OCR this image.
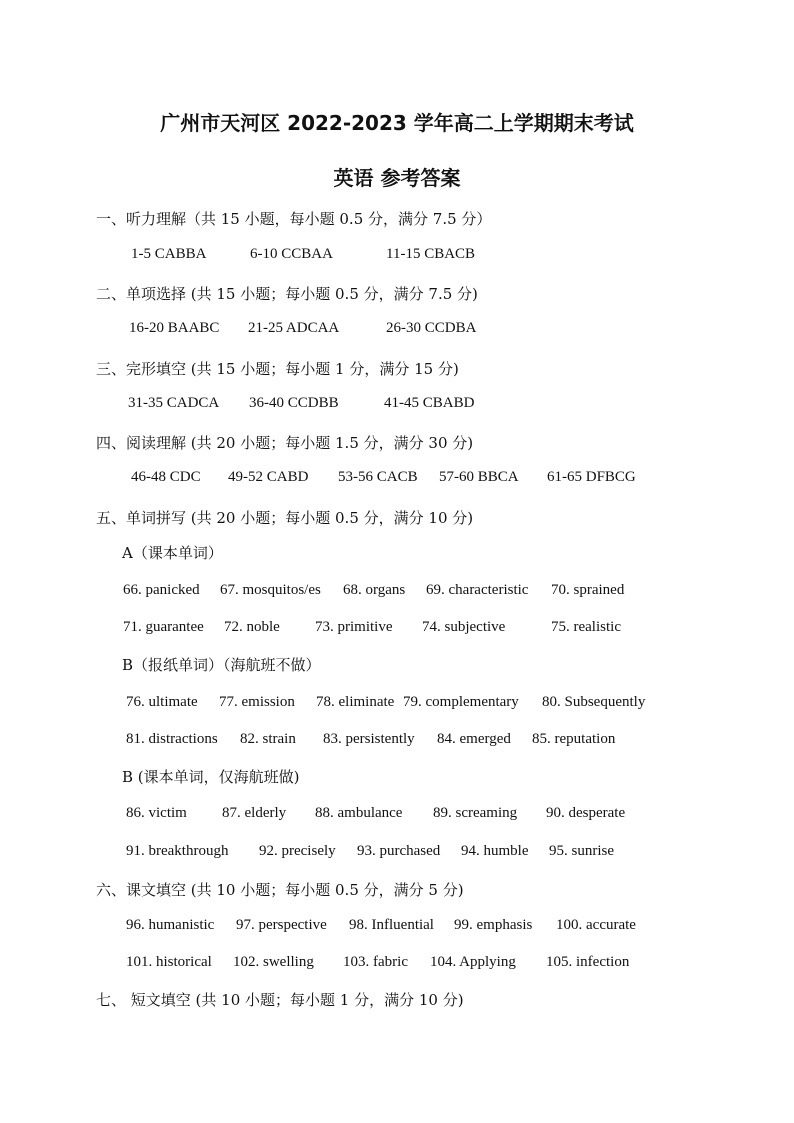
广州市天河区 2022-2023 学年高二上学期期末考试
英语 参考答案

一、听力理解（共 15 小题，每小题 0.5 分，满分 7.5 分）

1-5 CABBA	6-10 CCBAA	11-15 CBACB

二、单项选择 (共 15 小题；每小题 0.5 分，满分 7.5 分)

16-20 BAABC 21-25 ADCAA	26-30 CCDBA

三、完形填空 (共 15 小题；每小题 1 分，满分 15 分)

31-35 CADCA 36-40 CCDBB	41-45 CBABD

四、阅读理解 (共 20 小题；每小题 1.5 分，满分 30 分)

46-48 CDC 49-52 CABD 53-56 CACB 57-60 BBCA 61-65 DFBCG

五、单词拼写 (共 20 小题；每小题 0.5 分，满分 10 分)

A（课本单词）

66. panicked 67. mosquitos/es 68. organs 69. characteristic 70. sprained
71. guarantee 72. noble 73. primitive 74. subjective	75. realistic

B（报纸单词）（海航班不做）

76. ultimate 77. emission 78. eliminate 79. complementary 80. Subsequently
81. distractions 82. strain 83. persistently 84. emerged 85. reputation

B (课本单词，仅海航班做)

86. victim 87. elderly 88. ambulance 89. screaming 90. desperate
91. breakthrough 92. precisely 93. purchased 94. humble 95. sunrise

六、课文填空 (共 10 小题；每小题 0.5 分，满分 5 分)

96. humanistic 97. perspective 98. Influential 99. emphasis 100. accurate
101. historical 102. swelling 103. fabric 104. Applying 105. infection

七、 短文填空 (共 10 小题；每小题 1 分，满分 10 分)
